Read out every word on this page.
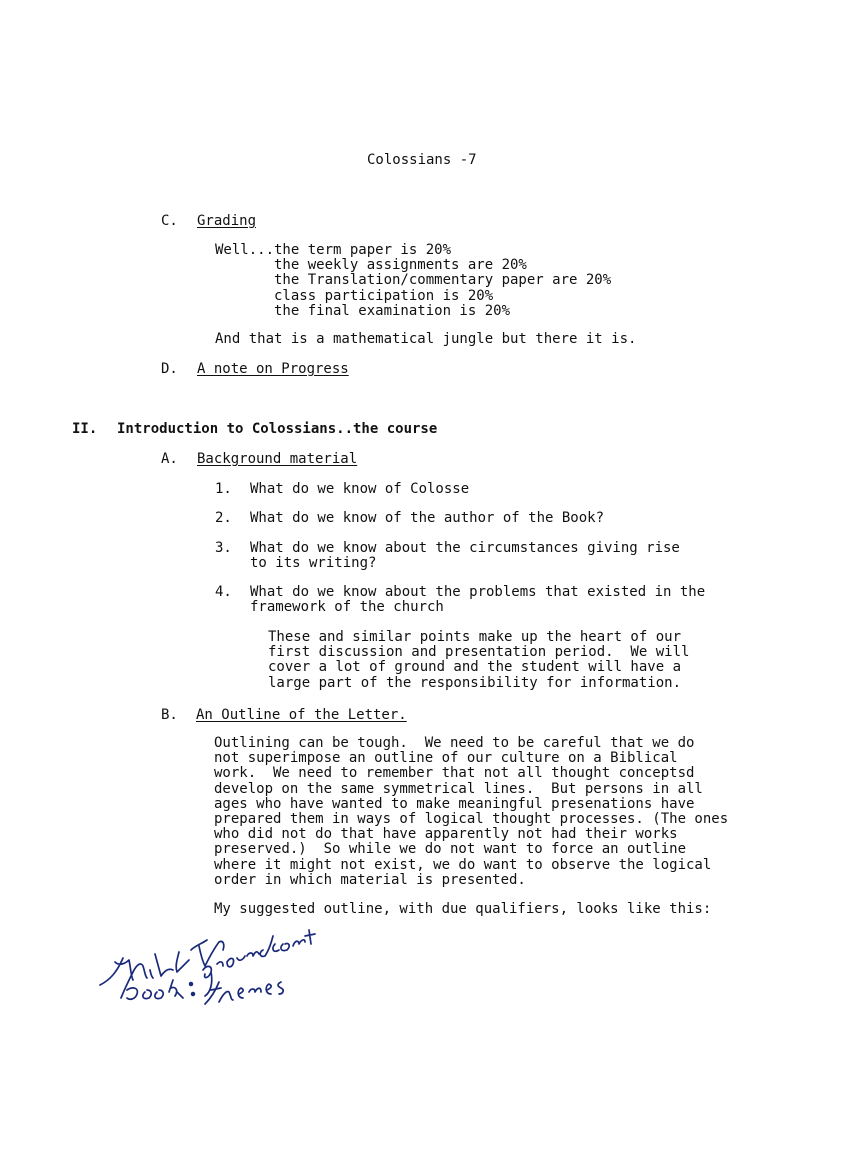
Colossians -7
C. Grading
Well...the term paper is 20%
the weekly assignments are 20%
the Translation/commentary paper are 20%
class participation is 20%
the final examination is 20%
And that is a mathematical jungle but there it is.
D. A note on Progress
II. Introduction to Colossians..the course
A. Background material
1. What do we know of Colosse
2. What do we know of the author of the Book?
3. What do we know about the circumstances giving rise
to its writing?
4. What do we know about the problems that existed in the
framework of the church
These and similar points make up the heart of our
first discussion and presentation period.  We will
cover a lot of ground and the student will have a
large part of the responsibility for information.
B. An Outline of the Letter.
Outlining can be tough.  We need to be careful that we do
not superimpose an outline of our culture on a Biblical
work.  We need to remember that not all thought conceptsd
develop on the same symmetrical lines.  But persons in all
ages who have wanted to make meaningful presenations have
prepared them in ways of logical thought processes. (The ones
who did not do that have apparently not had their works
preserved.)  So while we do not want to force an outline
where it might not exist, we do want to observe the logical
order in which material is presented.
My suggested outline, with due qualifiers, looks like this:
